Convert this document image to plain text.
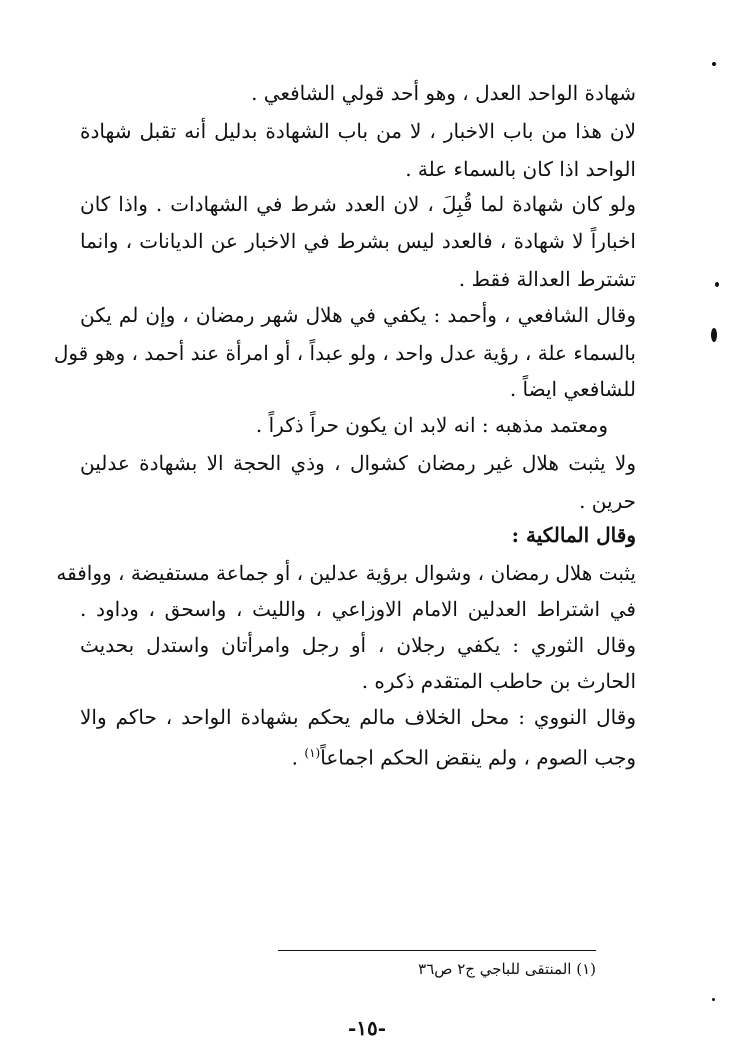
شهادة الواحد العدل ، وهو أحد قولي الشافعي .
لان هذا من باب الاخبار ، لا من باب الشهادة بدليل أنه تقبل شهادة
الواحد اذا كان بالسماء علة .
ولو كان شهادة لما قُبِلَ ، لان العدد شرط في الشهادات . واذا كان
اخباراً لا شهادة ، فالعدد ليس بشرط في الاخبار عن الديانات ، وانما
تشترط العدالة فقط .
وقال الشافعي ، وأحمد : يكفي في هلال شهر رمضان ، وإن لم يكن
بالسماء علة ، رؤية عدل واحد ، ولو عبداً ، أو امرأة عند أحمد ، وهو قول
للشافعي ايضاً .
ومعتمد مذهبه : انه لابد ان يكون حراً ذكراً .
ولا يثبت هلال غير رمضان كشوال ، وذي الحجة الا بشهادة عدلين
حرين .
وقال المالكية :
يثبت هلال رمضان ، وشوال برؤية عدلين ، أو جماعة مستفيضة ، ووافقه
في اشتراط العدلين الامام الاوزاعي ، والليث ، واسحق ، وداود .
وقال الثوري : يكفي رجلان ، أو رجل وامرأتان واستدل بحديث
الحارث بن حاطب المتقدم ذكره .
وقال النووي : محل الخلاف مالم يحكم بشهادة الواحد ، حاكم والا
وجب الصوم ، ولم ينقض الحكم اجماعاً$^{(١)}$ .
(١) المنتقى للباجي ج٢ ص٣٦
-١٥-
